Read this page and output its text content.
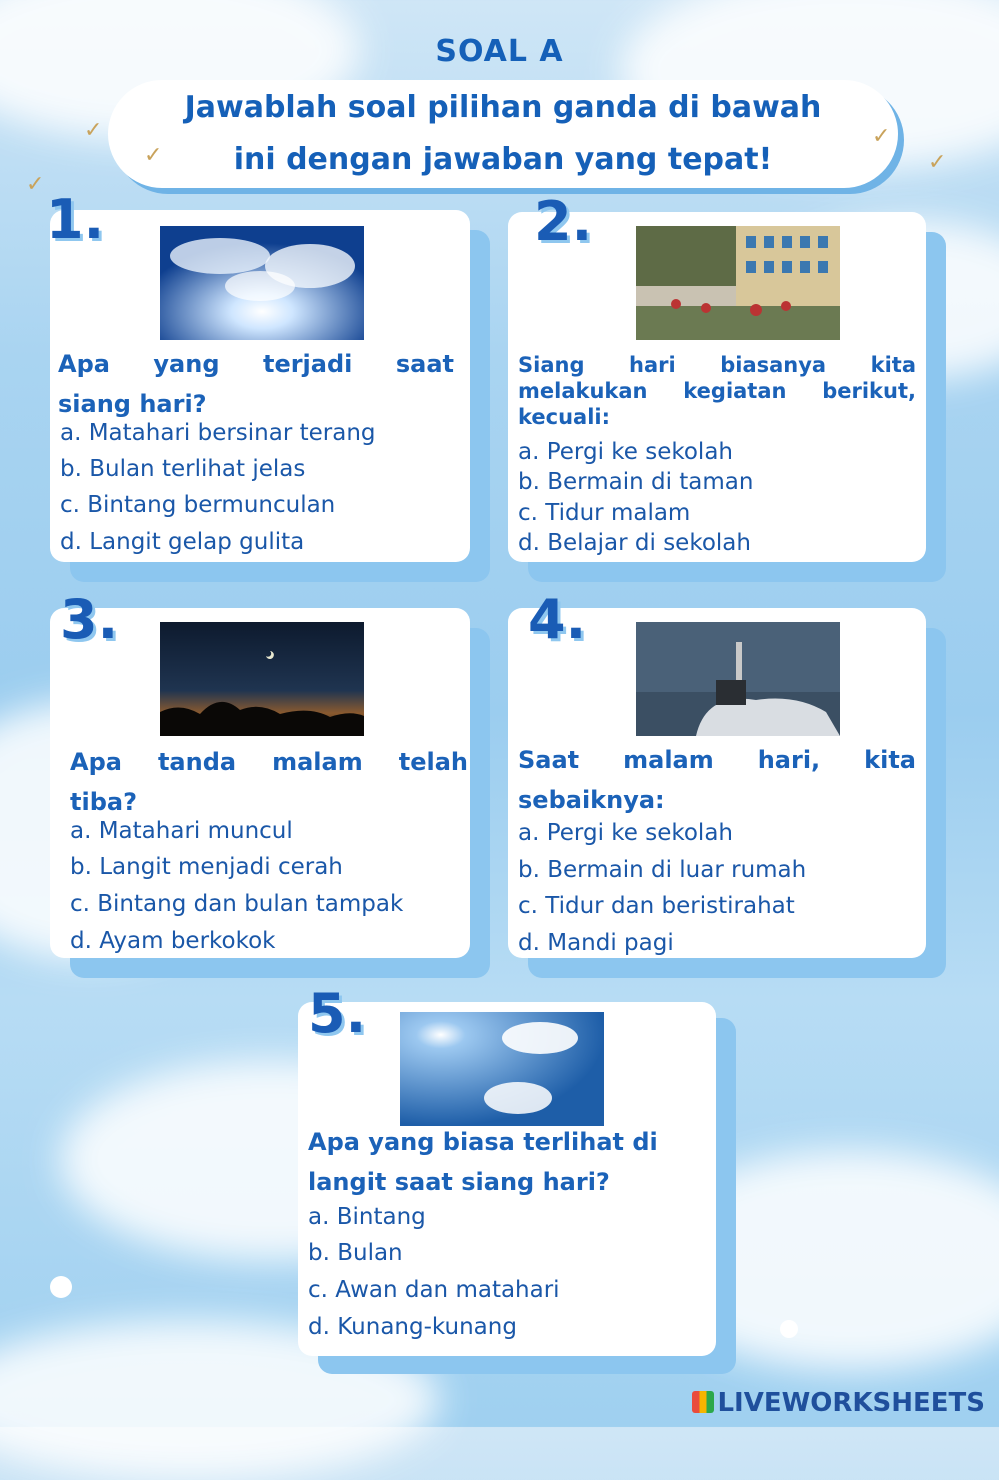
SOAL A
Jawablah soal pilihan ganda di bawah
ini dengan jawaban yang tepat!
✓
✓
✓
✓
✓
1.
Apa yang terjadi saat
siang hari?
a. Matahari bersinar terang
b. Bulan terlihat jelas
c. Bintang bermunculan
d. Langit gelap gulita
2.
Siang hari biasanya kita
melakukan kegiatan berikut,
kecuali:
a. Pergi ke sekolah
b. Bermain di taman
c. Tidur malam
d. Belajar di sekolah
3.
Apa tanda malam telah
tiba?
a. Matahari muncul
b. Langit menjadi cerah
c. Bintang dan bulan tampak
d. Ayam berkokok
4.
Saat malam hari, kita
sebaiknya:
a. Pergi ke sekolah
b. Bermain di luar rumah
c. Tidur dan beristirahat
d. Mandi pagi
5.
Apa yang biasa terlihat di
langit saat siang hari?
a. Bintang
b. Bulan
c. Awan dan matahari
d. Kunang-kunang
LIVEWORKSHEETS
